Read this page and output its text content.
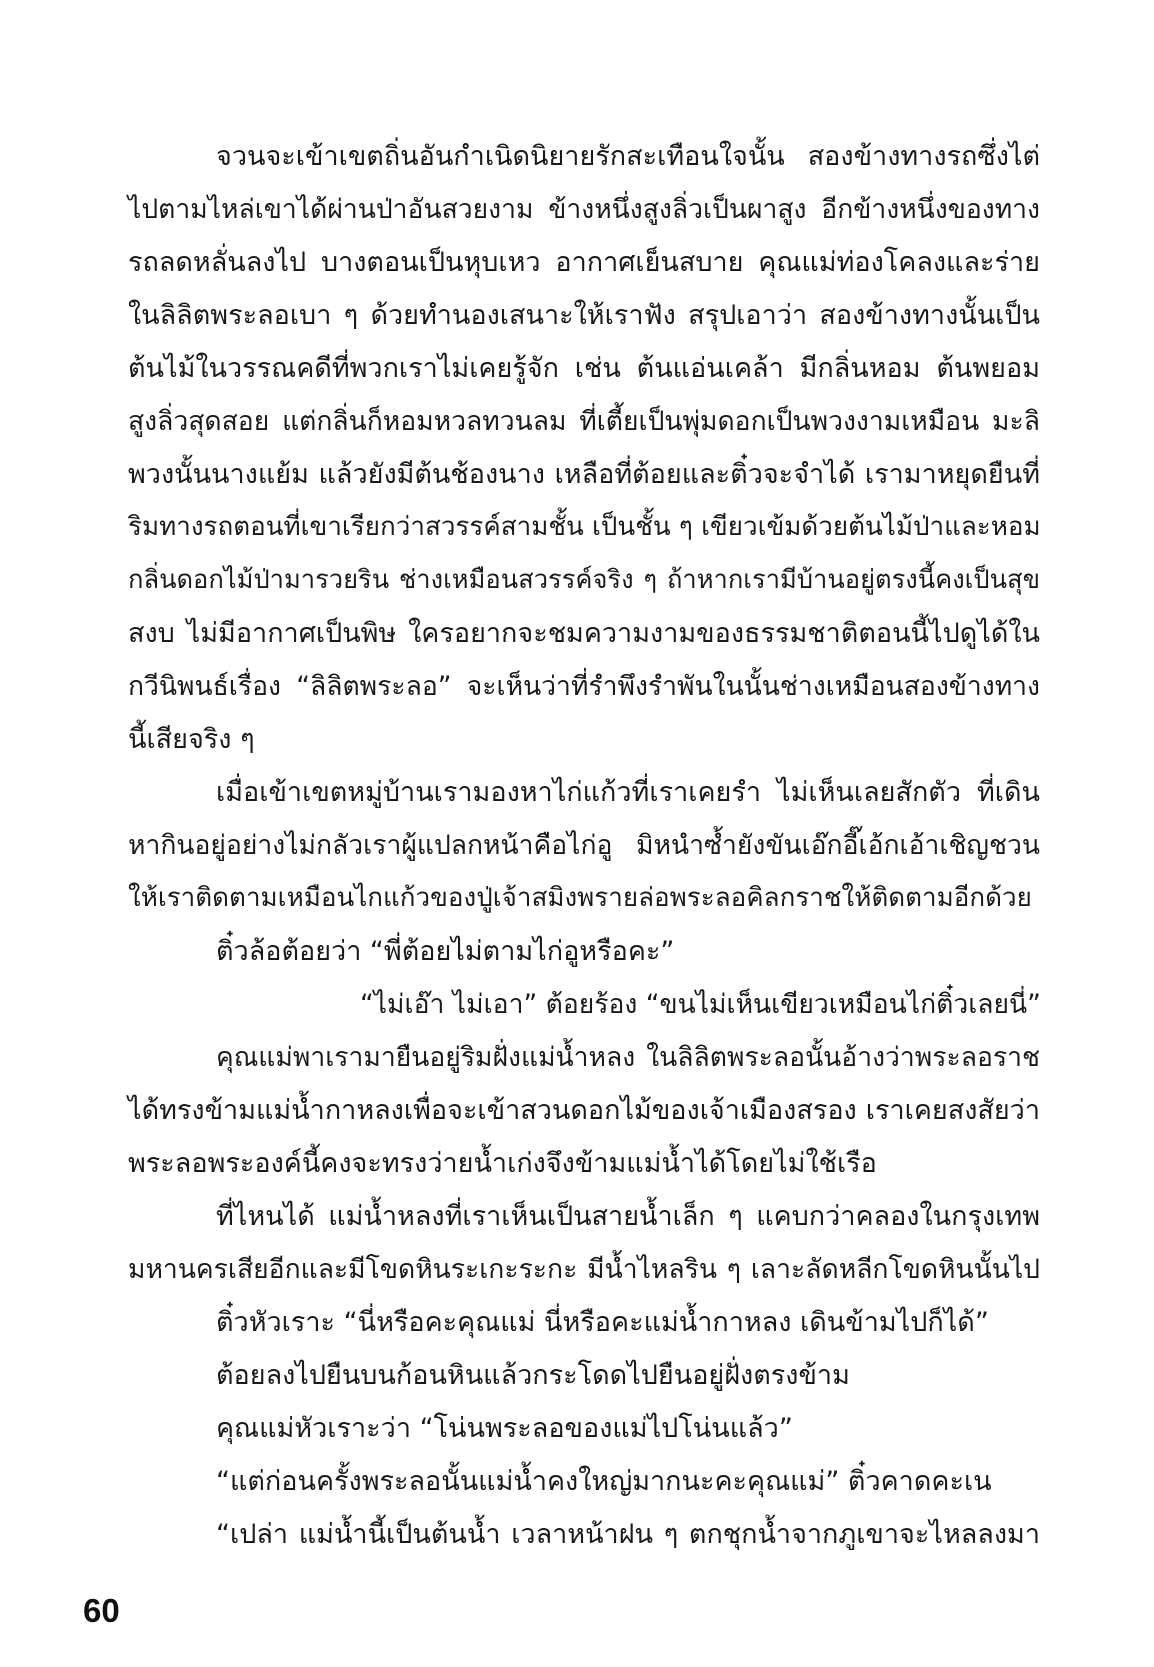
จวนจะเข้าเขตถิ่นอันกำเนิดนิยายรักสะเทือนใจนั้น สองข้างทางรถซึ่งไต่
ไปตามไหล่เขาได้ผ่านป่าอันสวยงาม ข้างหนึ่งสูงลิ่วเป็นผาสูง อีกข้างหนึ่งของทาง
รถลดหลั่นลงไป บางตอนเป็นหุบเหว อากาศเย็นสบาย คุณแม่ท่องโคลงและร่าย
ในลิลิตพระลอเบา ๆ ด้วยทำนองเสนาะให้เราฟัง สรุปเอาว่า สองข้างทางนั้นเป็น
ต้นไม้ในวรรณคดีที่พวกเราไม่เคยรู้จัก เช่น ต้นแอ่นเคล้า มีกลิ่นหอม ต้นพยอม
สูงลิ่วสุดสอย แต่กลิ่นก็หอมหวลทวนลม ที่เตี้ยเป็นพุ่มดอกเป็นพวงงามเหมือน มะลิ
พวงนั้นนางแย้ม แล้วยังมีต้นช้องนาง เหลือที่ต้อยและติ๋วจะจำได้ เรามาหยุดยืนที่
ริมทางรถตอนที่เขาเรียกว่าสวรรค์สามชั้น เป็นชั้น ๆ เขียวเข้มด้วยต้นไม้ป่าและหอม
กลิ่นดอกไม้ป่ามารวยริน ช่างเหมือนสวรรค์จริง ๆ ถ้าหากเรามีบ้านอยู่ตรงนี้คงเป็นสุข
สงบ ไม่มีอากาศเป็นพิษ ใครอยากจะชมความงามของธรรมชาติตอนนี้ไปดูได้ใน
กวีนิพนธ์เรื่อง “ลิลิตพระลอ” จะเห็นว่าที่รำพึงรำพันในนั้นช่างเหมือนสองข้างทาง
นี้เสียจริง ๆ
เมื่อเข้าเขตหมู่บ้านเรามองหาไก่แก้วที่เราเคยรำ ไม่เห็นเลยสักตัว ที่เดิน
หากินอยู่อย่างไม่กลัวเราผู้แปลกหน้าคือไก่อู มิหนำซ้ำยังขันเอ๊กอี๊เอ้กเอ้าเชิญชวน
ให้เราติดตามเหมือนไกแก้วของปู่เจ้าสมิงพรายล่อพระลอคิลกราชให้ติดตามอีกด้วย
ติ๋วล้อต้อยว่า “พี่ต้อยไม่ตามไก่อูหรือคะ”
“ไม่เอ๊า ไม่เอา” ต้อยร้อง “ขนไม่เห็นเขียวเหมือนไก่ติ๋วเลยนี่”
คุณแม่พาเรามายืนอยู่ริมฝั่งแม่น้ำหลง ในลิลิตพระลอนั้นอ้างว่าพระลอราช
ได้ทรงข้ามแม่น้ำกาหลงเพื่อจะเข้าสวนดอกไม้ของเจ้าเมืองสรอง เราเคยสงสัยว่า
พระลอพระองค์นี้คงจะทรงว่ายน้ำเก่งจึงข้ามแม่น้ำได้โดยไม่ใช้เรือ
ที่ไหนได้ แม่น้ำหลงที่เราเห็นเป็นสายน้ำเล็ก ๆ แคบกว่าคลองในกรุงเทพ
มหานครเสียอีกและมีโขดหินระเกะระกะ มีน้ำไหลริน ๆ เลาะลัดหลีกโขดหินนั้นไป
ติ๋วหัวเราะ “นี่หรือคะคุณแม่ นี่หรือคะแม่น้ำกาหลง เดินข้ามไปก็ได้”
ต้อยลงไปยืนบนก้อนหินแล้วกระโดดไปยืนอยู่ฝั่งตรงข้าม
คุณแม่หัวเราะว่า “โน่นพระลอของแม่ไปโน่นแล้ว”
“แต่ก่อนครั้งพระลอนั้นแม่น้ำคงใหญ่มากนะคะคุณแม่” ติ๋วคาดคะเน
“เปล่า แม่น้ำนี้เป็นต้นน้ำ เวลาหน้าฝน ๆ ตกชุกน้ำจากภูเขาจะไหลลงมา
60
